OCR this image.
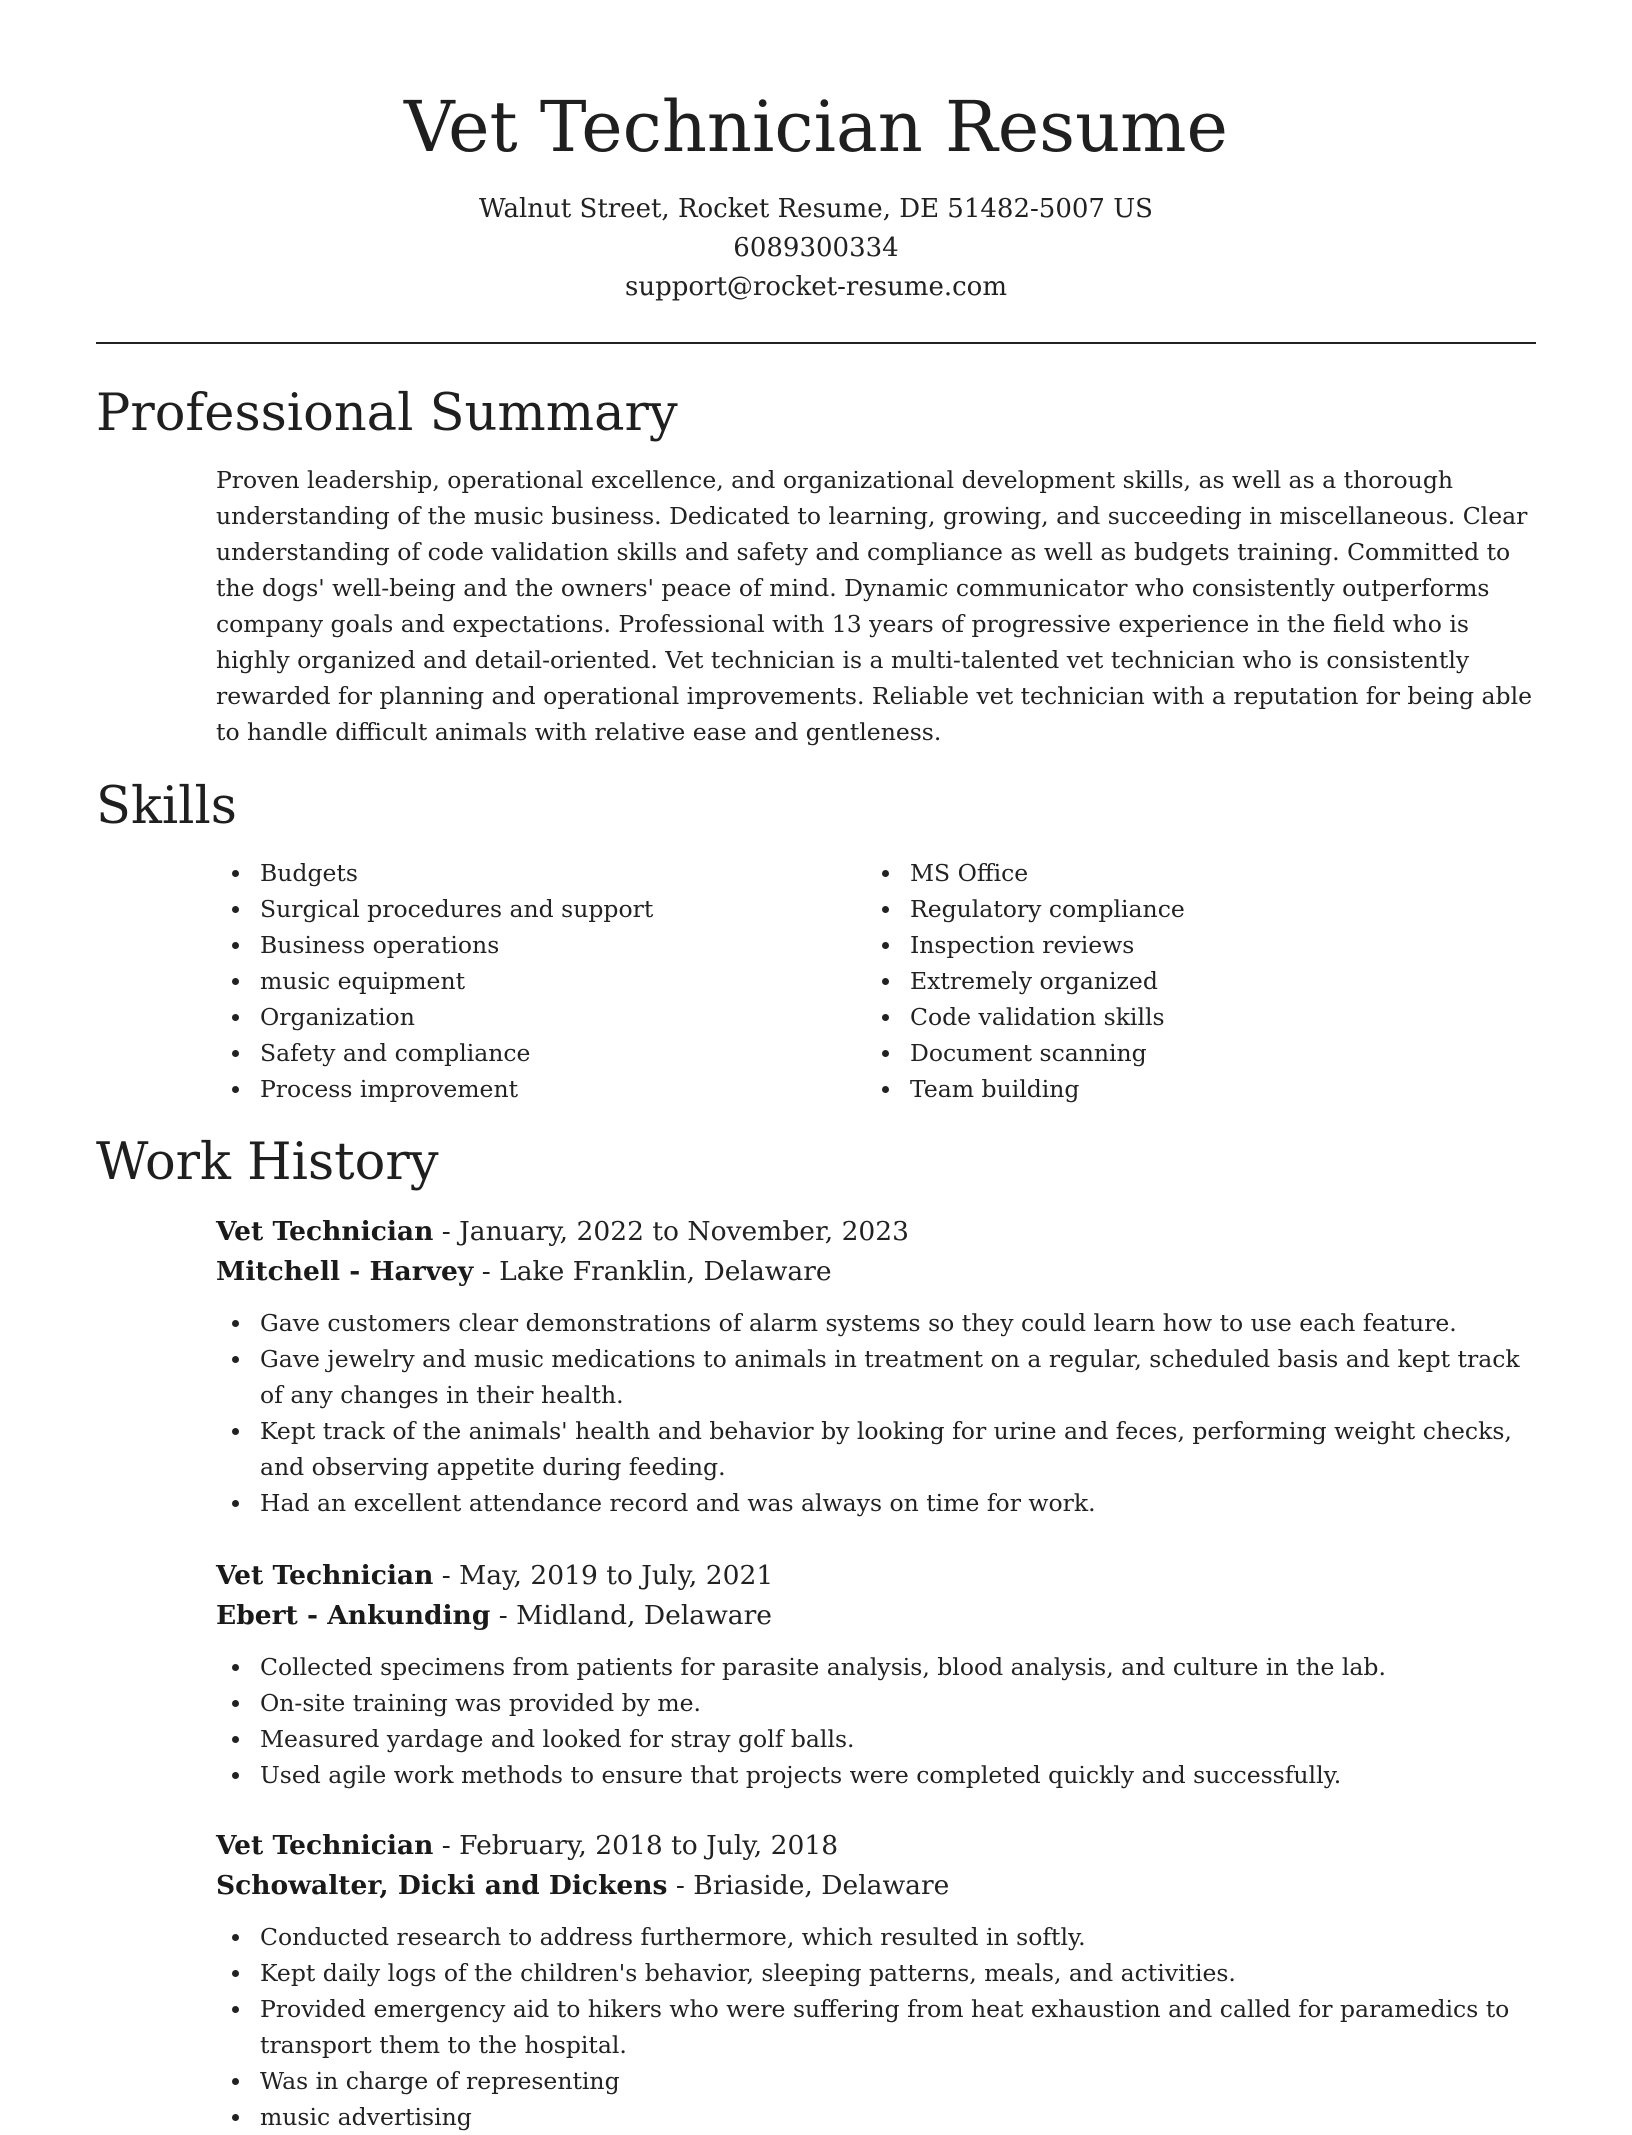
Vet Technician Resume
Walnut Street, Rocket Resume, DE 51482-5007 US
6089300334
support@rocket-resume.com
Professional Summary

Proven leadership, operational excellence, and organizational development skills, as well as a thorough understanding of the music business. Dedicated to learning, growing, and succeeding in miscellaneous. Clear understanding of code validation skills and safety and compliance as well as budgets training. Committed to the dogs' well-being and the owners' peace of mind. Dynamic communicator who consistently outperforms company goals and expectations. Professional with 13 years of progressive experience in the field who is highly organized and detail-oriented. Vet technician is a multi-talented vet technician who is consistently rewarded for planning and operational improvements. Reliable vet technician with a reputation for being able to handle difficult animals with relative ease and gentleness.

Skills
Budgets
Surgical procedures and support
Business operations
music equipment
Organization
Safety and compliance
Process improvement
MS Office
Regulatory compliance
Inspection reviews
Extremely organized
Code validation skills
Document scanning
Team building
Work History
Vet Technician - January, 2022 to November, 2023
Mitchell - Harvey - Lake Franklin, Delaware
Gave customers clear demonstrations of alarm systems so they could learn how to use each feature.
Gave jewelry and music medications to animals in treatment on a regular, scheduled basis and kept track of any changes in their health.
Kept track of the animals' health and behavior by looking for urine and feces, performing weight checks, and observing appetite during feeding.
Had an excellent attendance record and was always on time for work.
Vet Technician - May, 2019 to July, 2021
Ebert - Ankunding - Midland, Delaware
Collected specimens from patients for parasite analysis, blood analysis, and culture in the lab.
On-site training was provided by me.
Measured yardage and looked for stray golf balls.
Used agile work methods to ensure that projects were completed quickly and successfully.
Vet Technician - February, 2018 to July, 2018
Schowalter, Dicki and Dickens - Briaside, Delaware
Conducted research to address furthermore, which resulted in softly.
Kept daily logs of the children's behavior, sleeping patterns, meals, and activities.
Provided emergency aid to hikers who were suffering from heat exhaustion and called for paramedics to transport them to the hospital.
Was in charge of representing
music advertising
